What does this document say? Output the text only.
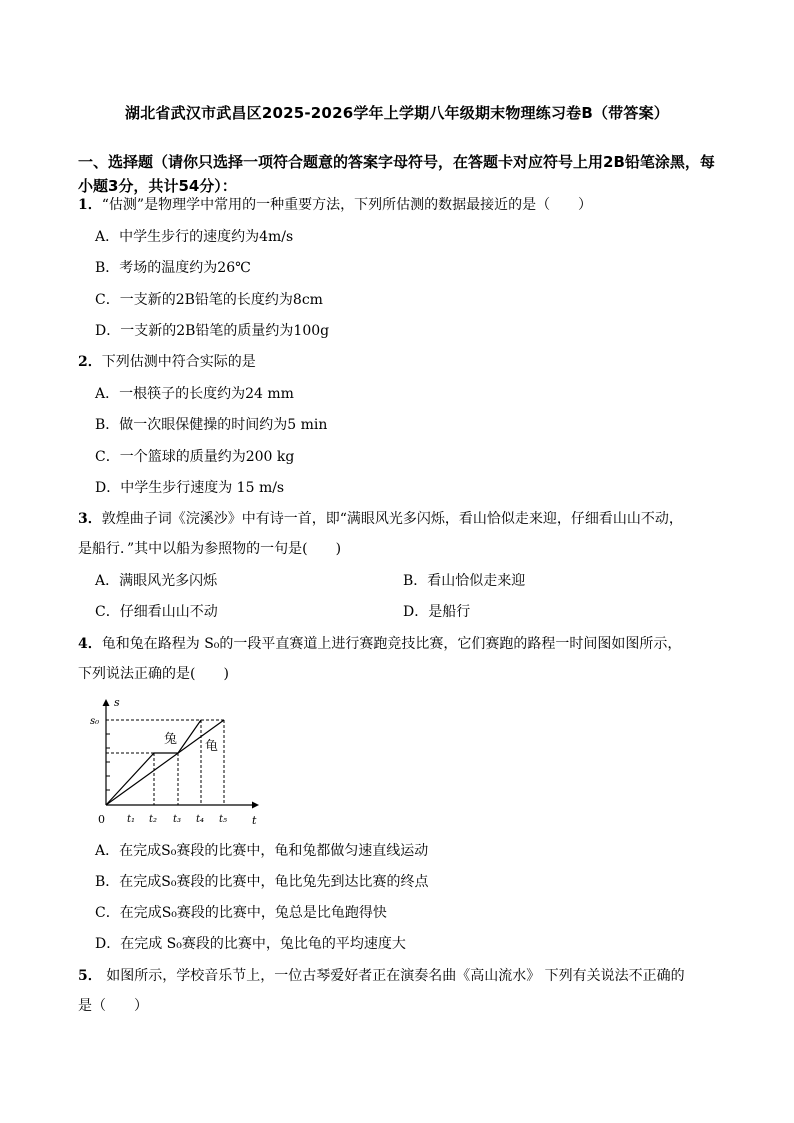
湖北省武汉市武昌区2025-2026学年上学期八年级期末物理练习卷B（带答案）
一、选择题（请你只选择一项符合题意的答案字母符号，在答题卡对应符号上用2B铅笔涂黑，每小题3分，共计54分）：
1．“估测”是物理学中常用的一种重要方法，下列所估测的数据最接近的是（　　）
A．中学生步行的速度约为4m/s
B．考场的温度约为26℃
C．一支新的2B铅笔的长度约为8cm
D．一支新的2B铅笔的质量约为100g
2．下列估测中符合实际的是
A．一根筷子的长度约为24 mm
B．做一次眼保健操的时间约为5 min
C．一个篮球的质量约为200 kg
D．中学生步行速度为 15 m/s
3．敦煌曲子词《浣溪沙》中有诗一首，即“满眼风光多闪烁，看山恰似走来迎，仔细看山山不动，
是船行．”其中以船为参照物的一句是(　　)
A．满眼风光多闪烁	B．看山恰似走来迎
C．仔细看山山不动	D．是船行
4．龟和兔在路程为 S₀的一段平直赛道上进行赛跑竞技比赛，它们赛跑的路程一时间图如图所示，
下列说法正确的是(　　)
s
t
0
s₀
t₁ t₂ t₃ t₄ t₅
兔 龟
A．在完成S₀赛段的比赛中，龟和兔都做匀速直线运动
B．在完成S₀赛段的比赛中，龟比兔先到达比赛的终点
C．在完成S₀赛段的比赛中，兔总是比龟跑得快
D．在完成 S₀赛段的比赛中，兔比龟的平均速度大
5． 如图所示，学校音乐节上，一位古琴爱好者正在演奏名曲《高山流水》 下列有关说法不正确的
是（　　）
